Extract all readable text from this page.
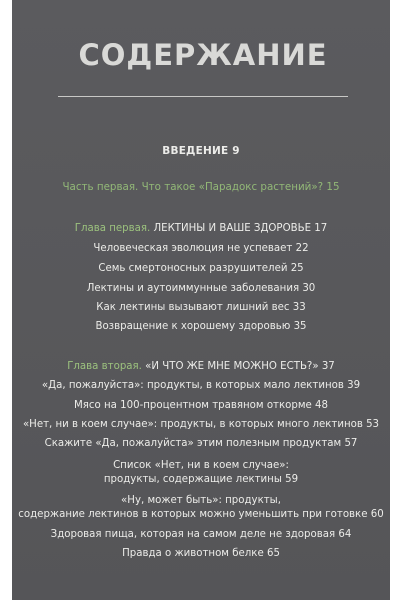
СОДЕРЖАНИЕ
ВВЕДЕНИЕ 9
Часть первая. Что такое «Парадокс растений»? 15
Глава первая. ЛЕКТИНЫ И ВАШЕ ЗДОРОВЬЕ 17
Человеческая эволюция не успевает 22
Семь смертоносных разрушителей 25
Лектины и аутоиммунные заболевания 30
Как лектины вызывают лишний вес 33
Возвращение к хорошему здоровью 35
Глава вторая. «И ЧТО ЖЕ МНЕ МОЖНО ЕСТЬ?» 37
«Да, пожалуйста»: продукты, в которых мало лектинов 39
Мясо на 100-процентном травяном откорме 48
«Нет, ни в коем случае»: продукты, в которых много лектинов 53
Скажите «Да, пожалуйста» этим полезным продуктам 57
Список «Нет, ни в коем случае»:
продукты, содержащие лектины 59
«Ну, может быть»: продукты,
содержание лектинов в которых можно уменьшить при готовке 60
Здоровая пища, которая на самом деле не здоровая 64
Правда о животном белке 65
